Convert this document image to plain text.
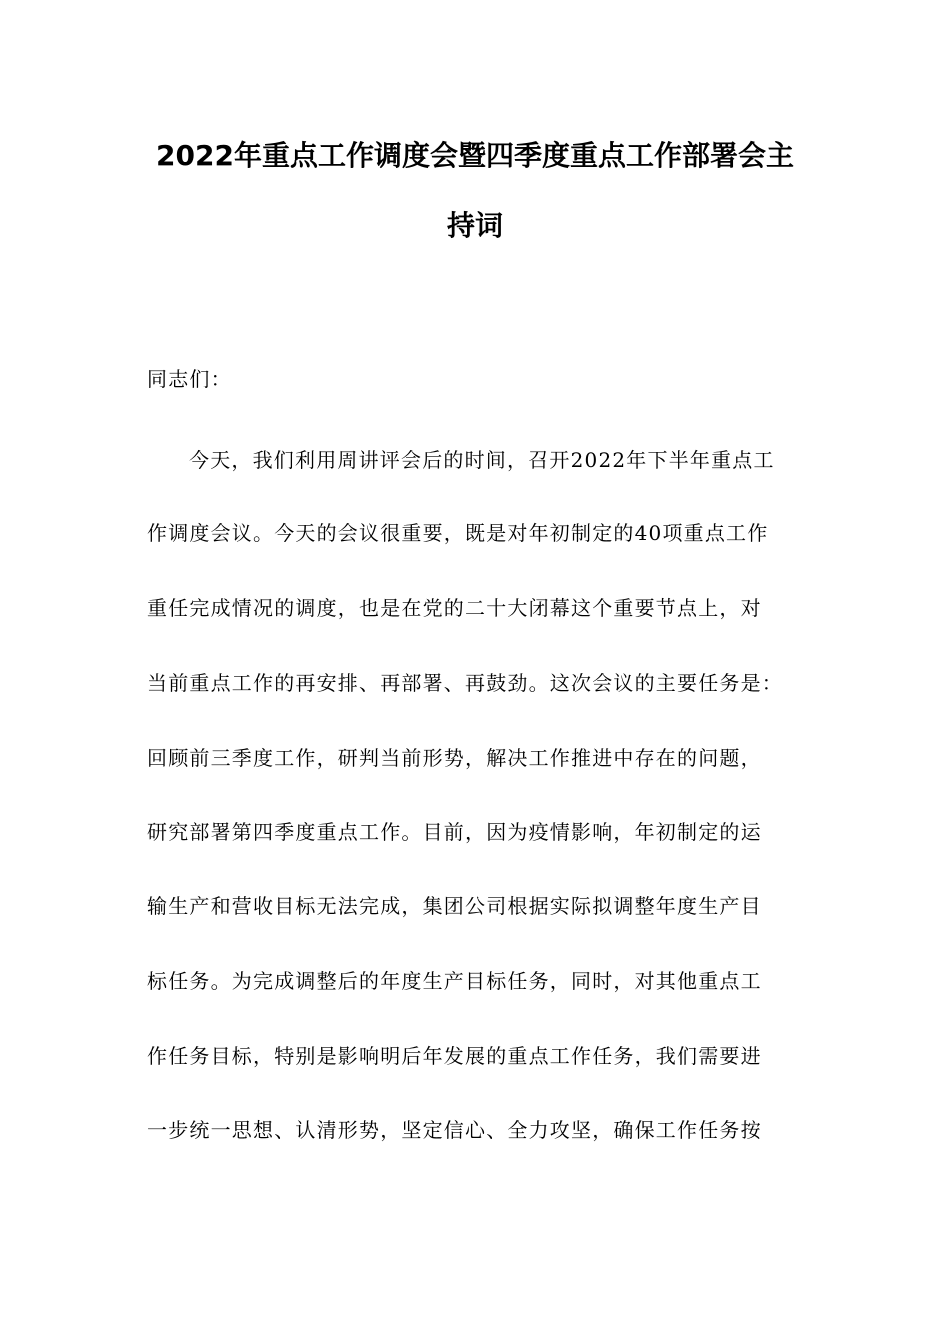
2022年重点工作调度会暨四季度重点工作部署会主
持词
同志们：
今天，我们利用周讲评会后的时间，召开2022年下半年重点工
作调度会议。今天的会议很重要，既是对年初制定的40项重点工作
重任完成情况的调度，也是在党的二十大闭幕这个重要节点上，对
当前重点工作的再安排、再部署、再鼓劲。这次会议的主要任务是：
回顾前三季度工作，研判当前形势，解决工作推进中存在的问题，
研究部署第四季度重点工作。目前，因为疫情影响，年初制定的运
输生产和营收目标无法完成，集团公司根据实际拟调整年度生产目
标任务。为完成调整后的年度生产目标任务，同时，对其他重点工
作任务目标，特别是影响明后年发展的重点工作任务，我们需要进
一步统一思想、认清形势，坚定信心、全力攻坚，确保工作任务按
